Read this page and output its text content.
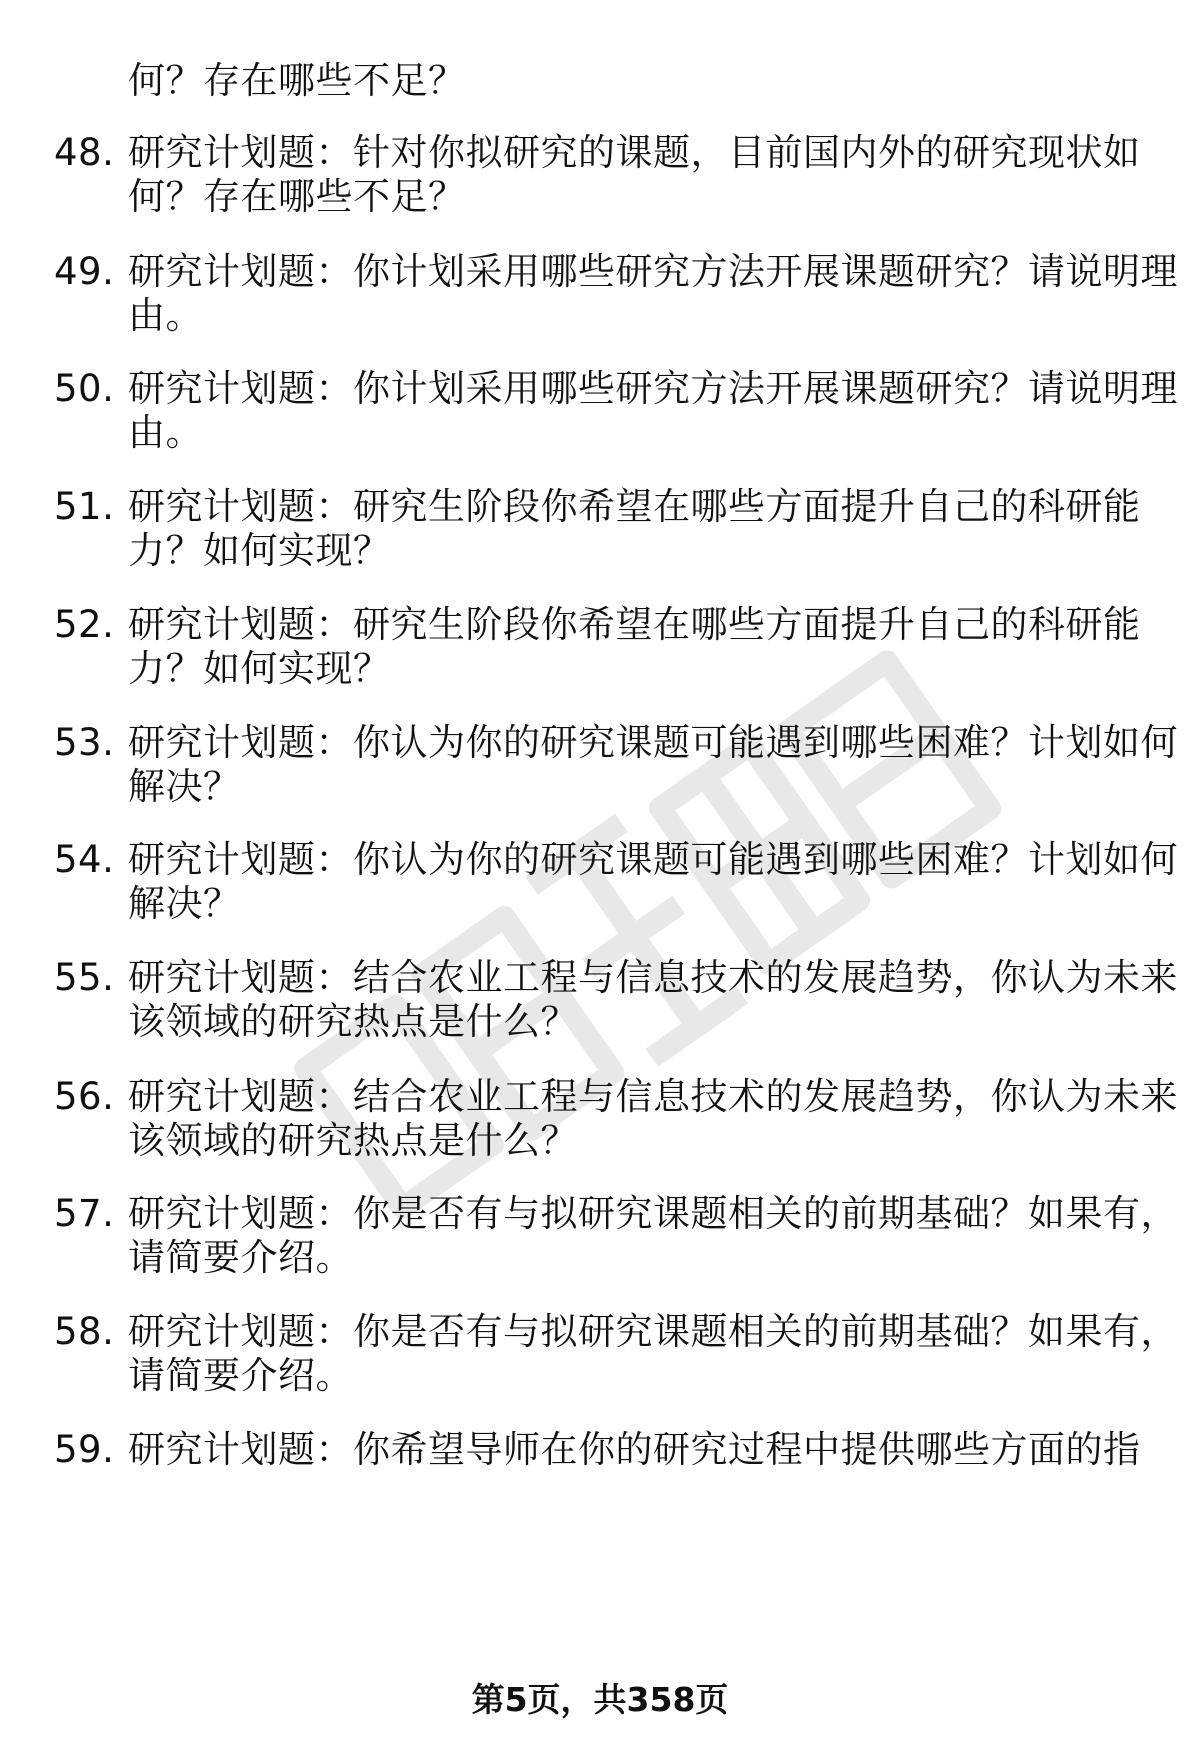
何？存在哪些不足？
48. 研究计划题：针对你拟研究的课题，目前国内外的研究现状如
何？存在哪些不足？
49. 研究计划题：你计划采用哪些研究方法开展课题研究？请说明理
由。
50. 研究计划题：你计划采用哪些研究方法开展课题研究？请说明理
由。
51. 研究计划题：研究生阶段你希望在哪些方面提升自己的科研能
力？如何实现？
52. 研究计划题：研究生阶段你希望在哪些方面提升自己的科研能
力？如何实现？
53. 研究计划题：你认为你的研究课题可能遇到哪些困难？计划如何
解决？
54. 研究计划题：你认为你的研究课题可能遇到哪些困难？计划如何
解决？
55. 研究计划题：结合农业工程与信息技术的发展趋势，你认为未来
该领域的研究热点是什么？
56. 研究计划题：结合农业工程与信息技术的发展趋势，你认为未来
该领域的研究热点是什么？
57. 研究计划题：你是否有与拟研究课题相关的前期基础？如果有，
请简要介绍。
58. 研究计划题：你是否有与拟研究课题相关的前期基础？如果有，
请简要介绍。
59. 研究计划题：你希望导师在你的研究过程中提供哪些方面的指
第5页，共358页
